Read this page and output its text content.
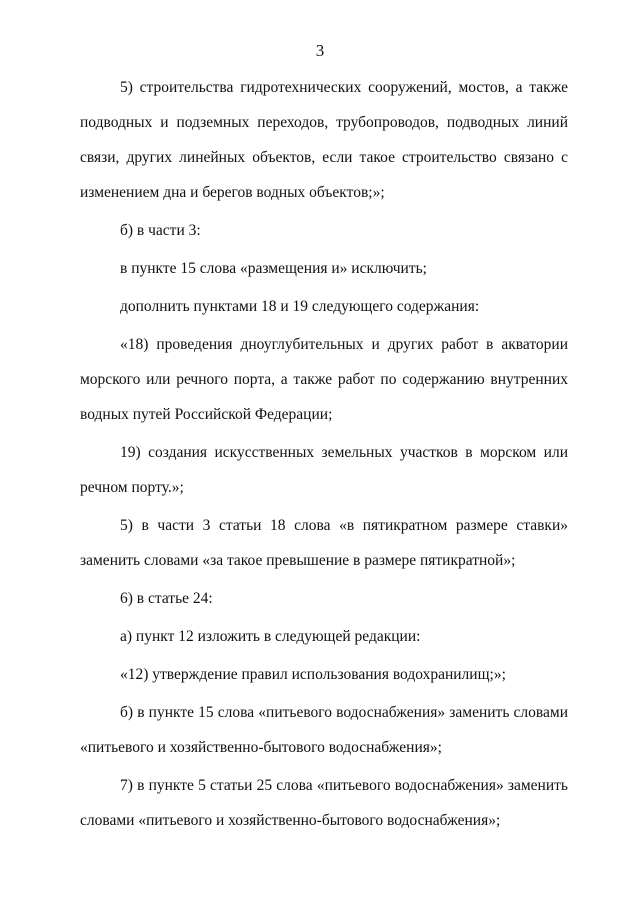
3
5) строительства гидротехнических сооружений, мостов, а также
подводных и подземных переходов, трубопроводов, подводных линий
связи, других линейных объектов, если такое строительство связано с
изменением дна и берегов водных объектов;»;
б) в части 3:
в пункте 15 слова «размещения и» исключить;
дополнить пунктами 18 и 19 следующего содержания:
«18) проведения дноуглубительных и других работ в акватории
морского или речного порта, а также работ по содержанию внутренних
водных путей Российской Федерации;
19) создания искусственных земельных участков в морском или
речном порту.»;
5) в части 3 статьи 18 слова «в пятикратном размере ставки»
заменить словами «за такое превышение в размере пятикратной»;
6) в статье 24:
а) пункт 12 изложить в следующей редакции:
«12) утверждение правил использования водохранилищ;»;
б) в пункте 15 слова «питьевого водоснабжения» заменить словами
«питьевого и хозяйственно-бытового водоснабжения»;
7) в пункте 5 статьи 25 слова «питьевого водоснабжения» заменить
словами «питьевого и хозяйственно-бытового водоснабжения»;
